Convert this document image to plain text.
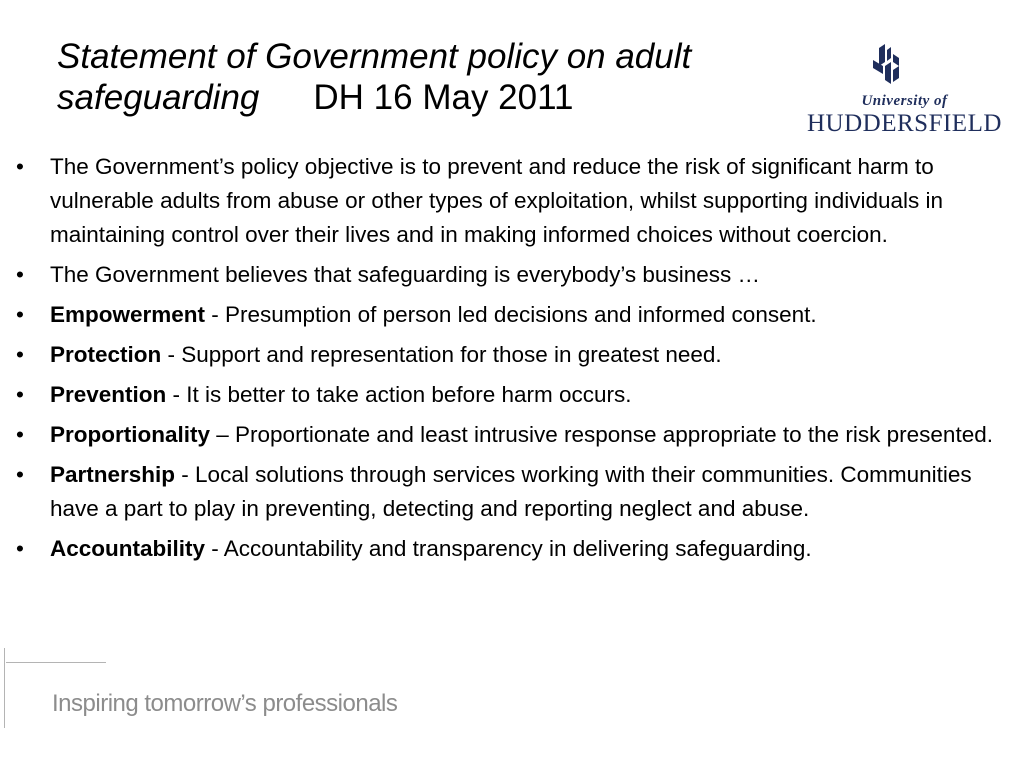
Statement of Government policy on adult safeguarding DH 16 May 2011	University of
HUDDERSFIELD
•	The Government’s policy objective is to prevent and reduce the risk of significant harm to vulnerable adults from abuse or other types of exploitation, whilst supporting individuals in maintaining control over their lives and in making informed choices without coercion.
•	The Government believes that safeguarding is everybody’s business …
•	Empowerment - Presumption of person led decisions and informed consent.
•	Protection - Support and representation for those in greatest need.
•	Prevention - It is better to take action before harm occurs.
•	Proportionality – Proportionate and least intrusive response appropriate to the risk presented.
•	Partnership - Local solutions through services working with their communities. Communities have a part to play in preventing, detecting and reporting neglect and abuse.
•	Accountability - Accountability and transparency in delivering safeguarding.
Inspiring tomorrow’s professionals
